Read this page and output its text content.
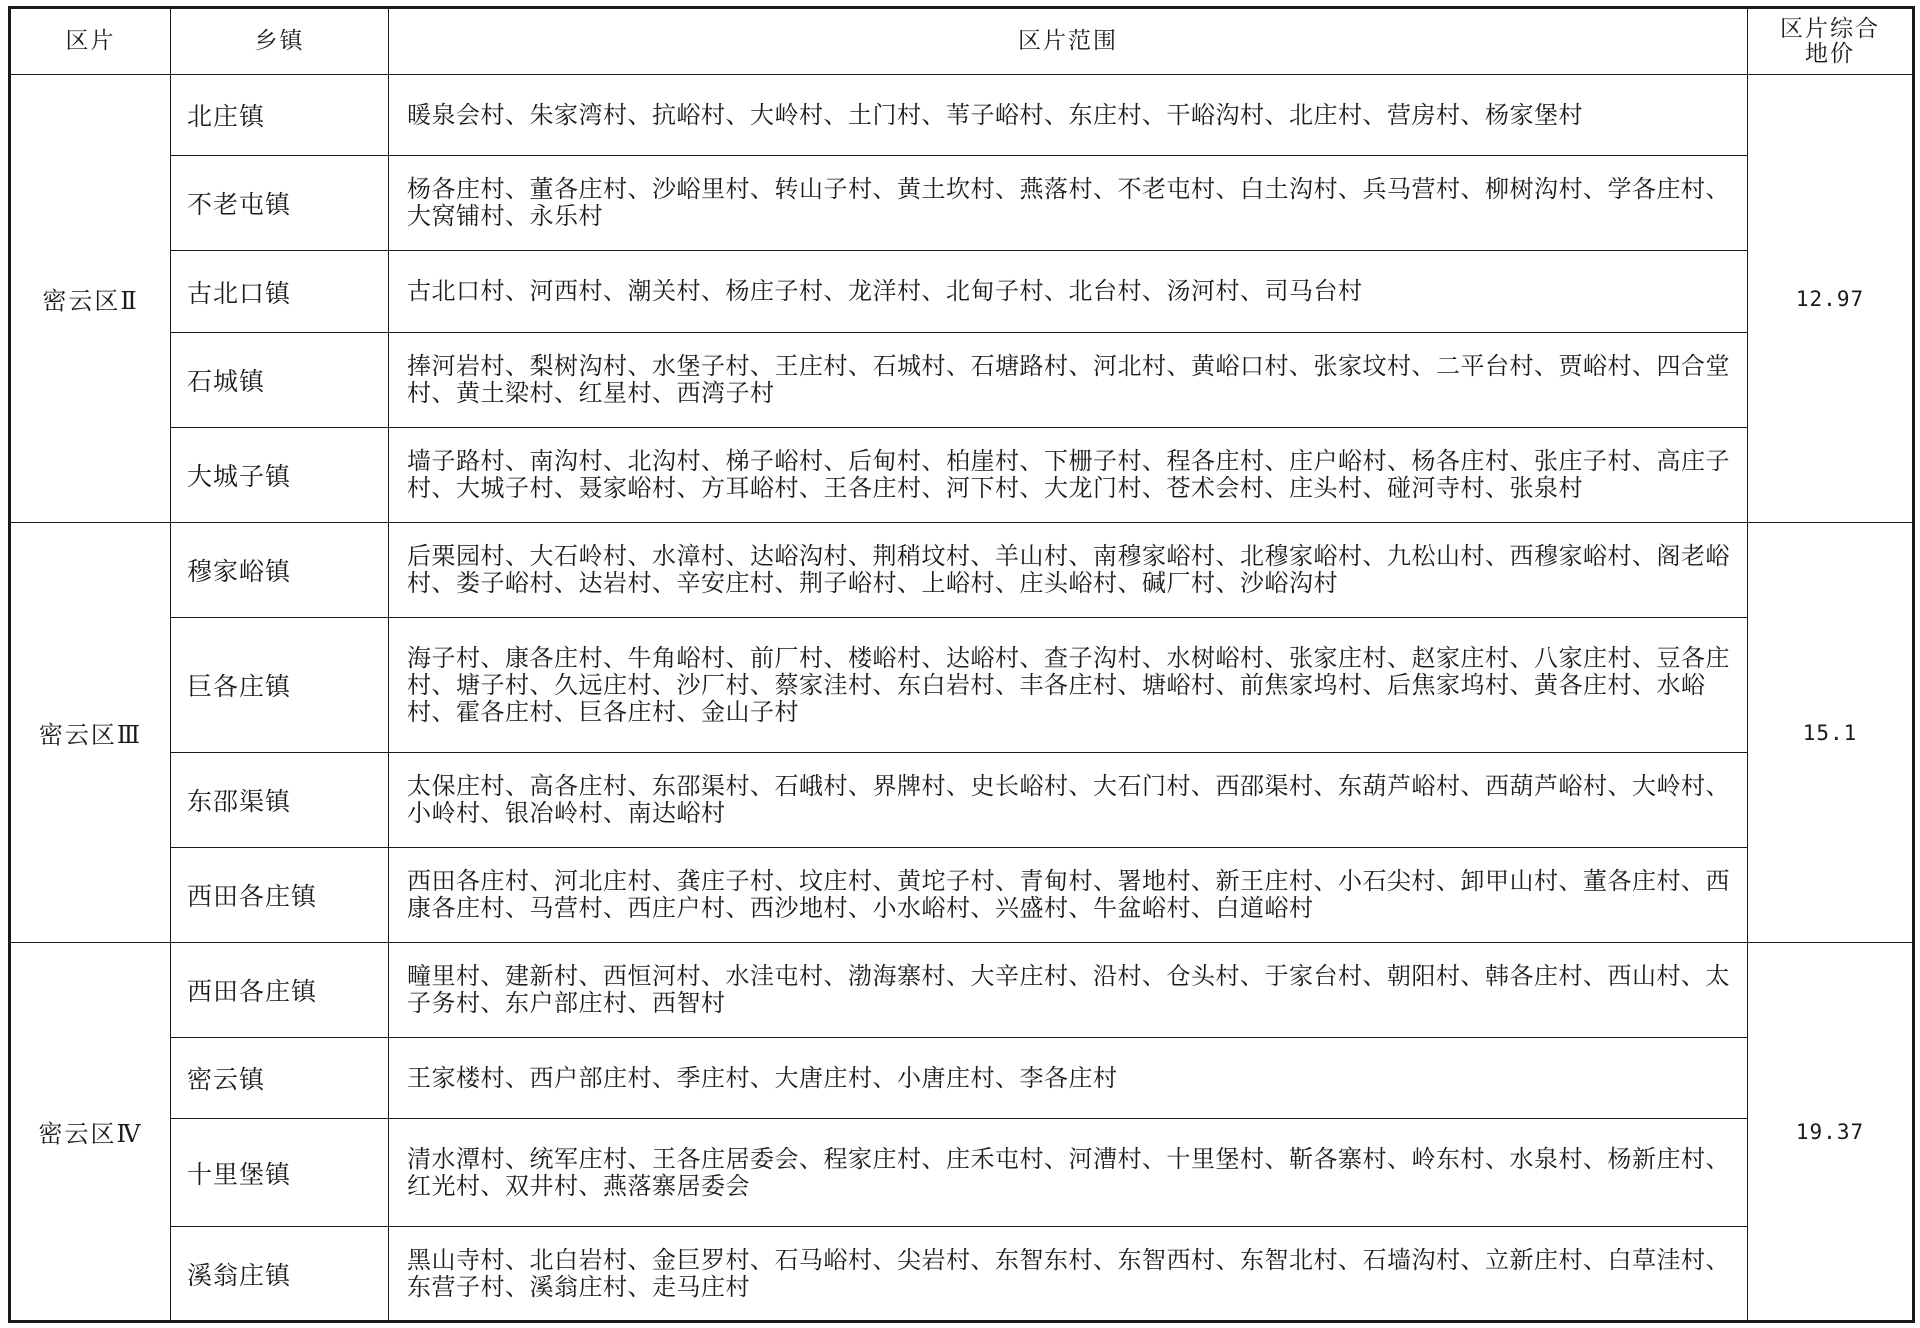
区片	乡镇	区片范围	区片综合
地价

密云区Ⅱ	北庄镇	暖泉会村、朱家湾村、抗峪村、大岭村、土门村、苇子峪村、东庄村、干峪沟村、北庄村、营房村、杨家堡村	12.97
	不老屯镇	杨各庄村、董各庄村、沙峪里村、转山子村、黄土坎村、燕落村、不老屯村、白土沟村、兵马营村、柳树沟村、学各庄村、大窝铺村、永乐村	
	古北口镇	古北口村、河西村、潮关村、杨庄子村、龙洋村、北甸子村、北台村、汤河村、司马台村	
	石城镇	捧河岩村、梨树沟村、水堡子村、王庄村、石城村、石塘路村、河北村、黄峪口村、张家坟村、二平台村、贾峪村、四合堂村、黄土梁村、红星村、西湾子村	
	大城子镇	墙子路村、南沟村、北沟村、梯子峪村、后甸村、柏崖村、下栅子村、程各庄村、庄户峪村、杨各庄村、张庄子村、高庄子村、大城子村、聂家峪村、方耳峪村、王各庄村、河下村、大龙门村、苍术会村、庄头村、碰河寺村、张泉村	
密云区Ⅲ	穆家峪镇	后栗园村、大石岭村、水漳村、达峪沟村、荆稍坟村、羊山村、南穆家峪村、北穆家峪村、九松山村、西穆家峪村、阁老峪村、娄子峪村、达岩村、辛安庄村、荆子峪村、上峪村、庄头峪村、碱厂村、沙峪沟村	15.1
	巨各庄镇	海子村、康各庄村、牛角峪村、前厂村、楼峪村、达峪村、查子沟村、水树峪村、张家庄村、赵家庄村、八家庄村、豆各庄村、塘子村、久远庄村、沙厂村、蔡家洼村、东白岩村、丰各庄村、塘峪村、前焦家坞村、后焦家坞村、黄各庄村、水峪村、霍各庄村、巨各庄村、金山子村	
	东邵渠镇	太保庄村、高各庄村、东邵渠村、石峨村、界牌村、史长峪村、大石门村、西邵渠村、东葫芦峪村、西葫芦峪村、大岭村、小岭村、银冶岭村、南达峪村	
	西田各庄镇	西田各庄村、河北庄村、龚庄子村、坟庄村、黄坨子村、青甸村、署地村、新王庄村、小石尖村、卸甲山村、董各庄村、西康各庄村、马营村、西庄户村、西沙地村、小水峪村、兴盛村、牛盆峪村、白道峪村	
密云区Ⅳ	西田各庄镇	疃里村、建新村、西恒河村、水洼屯村、渤海寨村、大辛庄村、沿村、仓头村、于家台村、朝阳村、韩各庄村、西山村、太子务村、东户部庄村、西智村	19.37
	密云镇	王家楼村、西户部庄村、季庄村、大唐庄村、小唐庄村、李各庄村	
	十里堡镇	清水潭村、统军庄村、王各庄居委会、程家庄村、庄禾屯村、河漕村、十里堡村、靳各寨村、岭东村、水泉村、杨新庄村、红光村、双井村、燕落寨居委会	
	溪翁庄镇	黑山寺村、北白岩村、金巨罗村、石马峪村、尖岩村、东智东村、东智西村、东智北村、石墙沟村、立新庄村、白草洼村、东营子村、溪翁庄村、走马庄村	
